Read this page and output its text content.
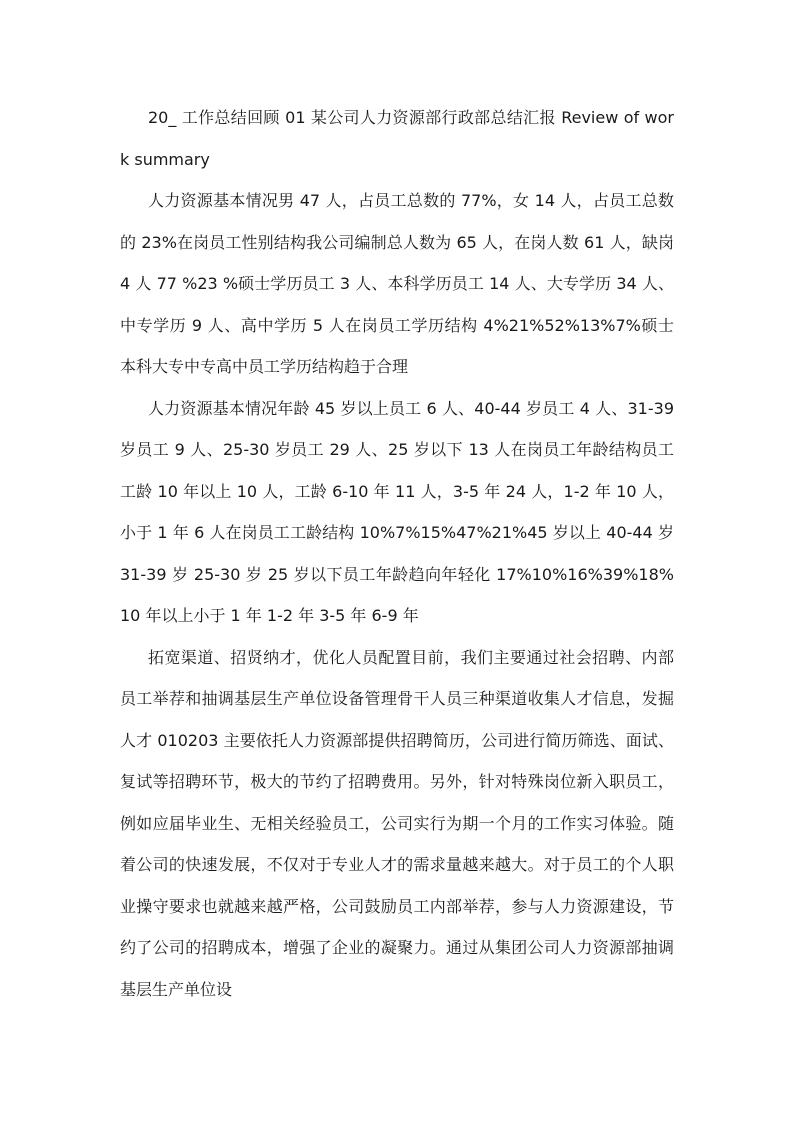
20_ 工作总结回顾 01 某公司人力资源部行政部总结汇报 Review of work summary

人力资源基本情况男 47 人，占员工总数的 77%，女 14 人，占员工总数的 23%在岗员工性别结构我公司编制总人数为 65 人，在岗人数 61 人，缺岗 4 人 77 %23 %硕士学历员工 3 人、本科学历员工 14 人、大专学历 34 人、中专学历 9 人、高中学历 5 人在岗员工学历结构 4%21%52%13%7%硕士本科大专中专高中员工学历结构趋于合理

人力资源基本情况年龄 45 岁以上员工 6 人、40-44 岁员工 4 人、31-39 岁员工 9 人、25-30 岁员工 29 人、25 岁以下 13 人在岗员工年龄结构员工工龄 10 年以上 10 人，工龄 6-10 年 11 人，3-5 年 24 人，1-2 年 10 人，小于 1 年 6 人在岗员工工龄结构 10%7%15%47%21%45 岁以上 40-44 岁 31-39 岁 25-30 岁 25 岁以下员工年龄趋向年轻化 17%10%16%39%18%10 年以上小于 1 年 1-2 年 3-5 年 6-9 年

拓宽渠道、招贤纳才，优化人员配置目前，我们主要通过社会招聘、内部员工举荐和抽调基层生产单位设备管理骨干人员三种渠道收集人才信息，发掘人才 010203 主要依托人力资源部提供招聘简历，公司进行简历筛选、面试、复试等招聘环节，极大的节约了招聘费用。另外，针对特殊岗位新入职员工，例如应届毕业生、无相关经验员工，公司实行为期一个月的工作实习体验。随着公司的快速发展，不仅对于专业人才的需求量越来越大。对于员工的个人职业操守要求也就越来越严格，公司鼓励员工内部举荐，参与人力资源建设，节约了公司的招聘成本，增强了企业的凝聚力。通过从集团公司人力资源部抽调基层生产单位设
